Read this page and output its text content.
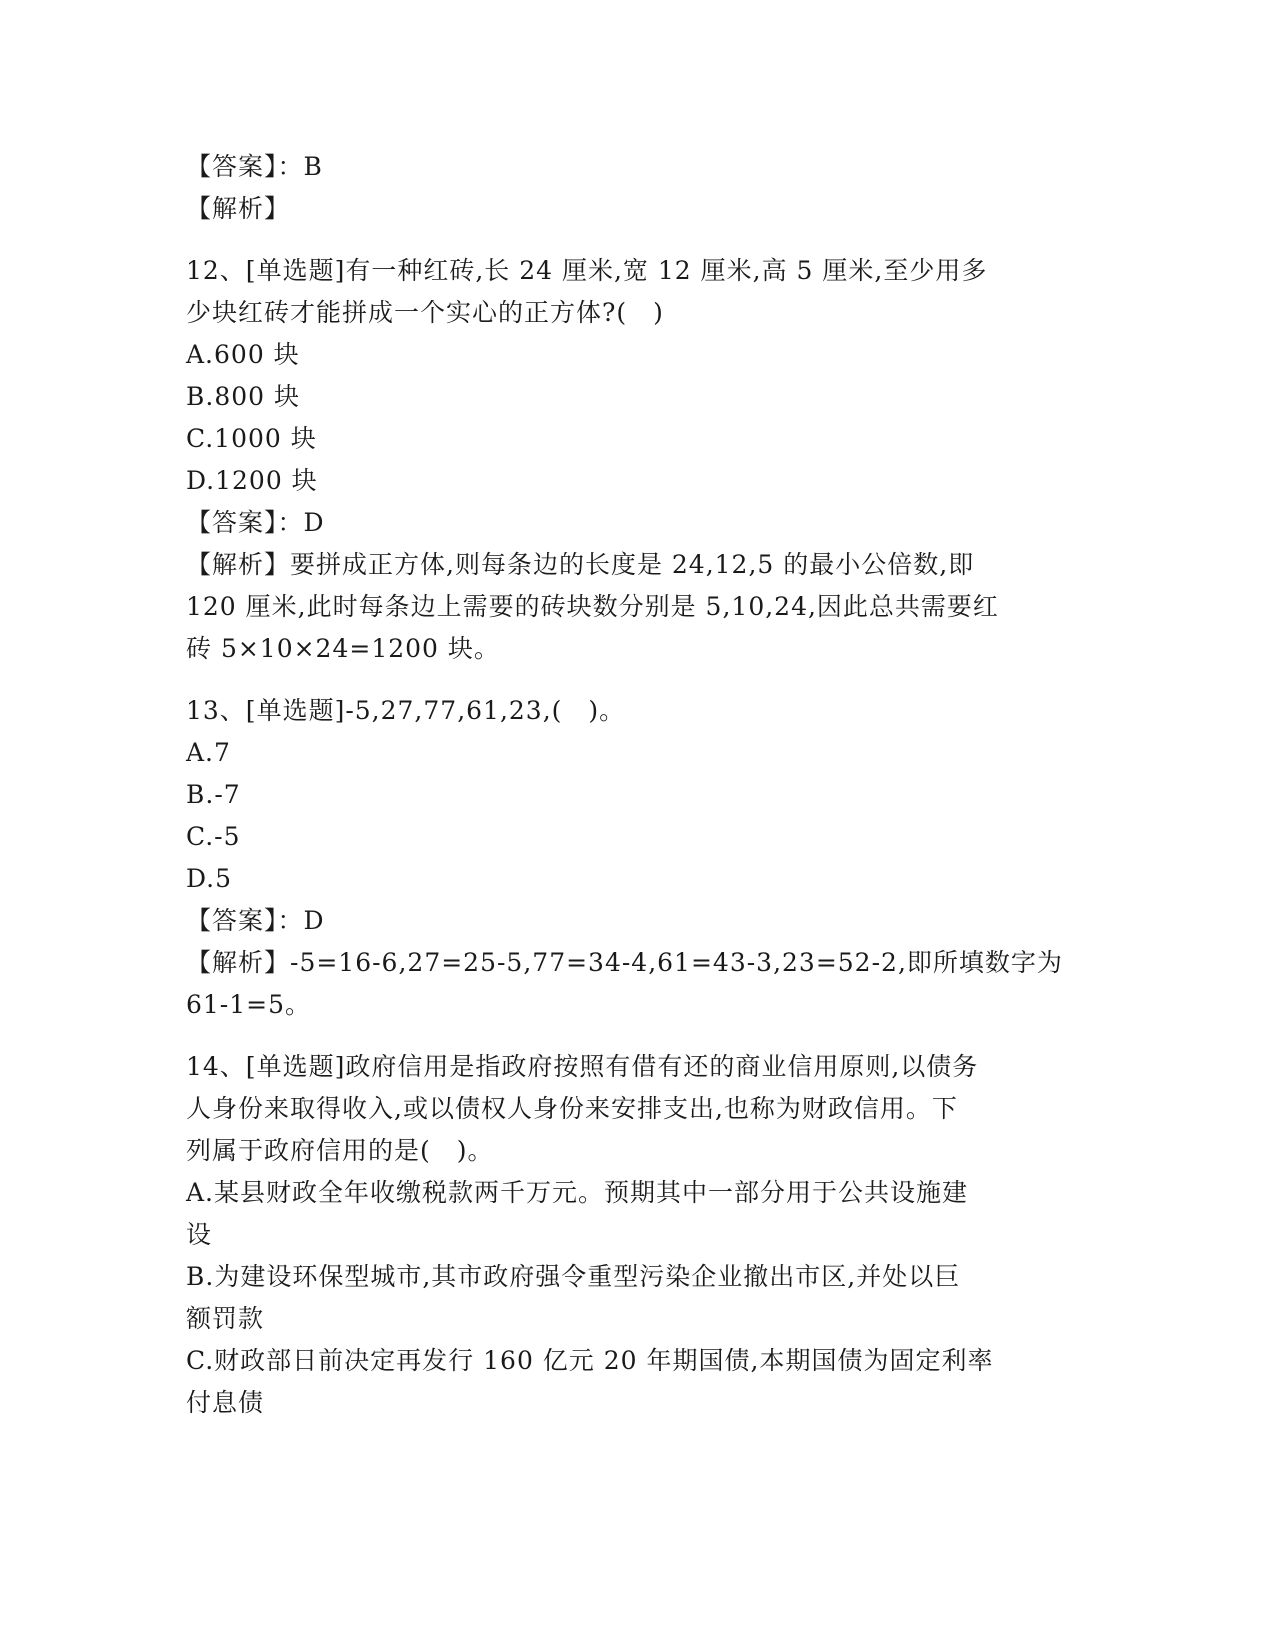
【答案】：B
【解析】
12、[单选题]有一种红砖,长 24 厘米,宽 12 厘米,高 5 厘米,至少用多
少块红砖才能拼成一个实心的正方体?(　)
A.600 块
B.800 块
C.1000 块
D.1200 块
【答案】：D
【解析】要拼成正方体,则每条边的长度是 24,12,5 的最小公倍数,即
120 厘米,此时每条边上需要的砖块数分别是 5,10,24,因此总共需要红
砖 5×10×24=1200 块。
13、[单选题]-5,27,77,61,23,(　)。
A.7
B.-7
C.-5
D.5
【答案】：D
【解析】-5=16-6,27=25-5,77=34-4,61=43-3,23=52-2,即所填数字为
61-1=5。
14、[单选题]政府信用是指政府按照有借有还的商业信用原则,以债务
人身份来取得收入,或以债权人身份来安排支出,也称为财政信用。下
列属于政府信用的是(　)。
A.某县财政全年收缴税款两千万元。预期其中一部分用于公共设施建
设
B.为建设环保型城市,其市政府强令重型污染企业撤出市区,并处以巨
额罚款
C.财政部日前决定再发行 160 亿元 20 年期国债,本期国债为固定利率
付息债
